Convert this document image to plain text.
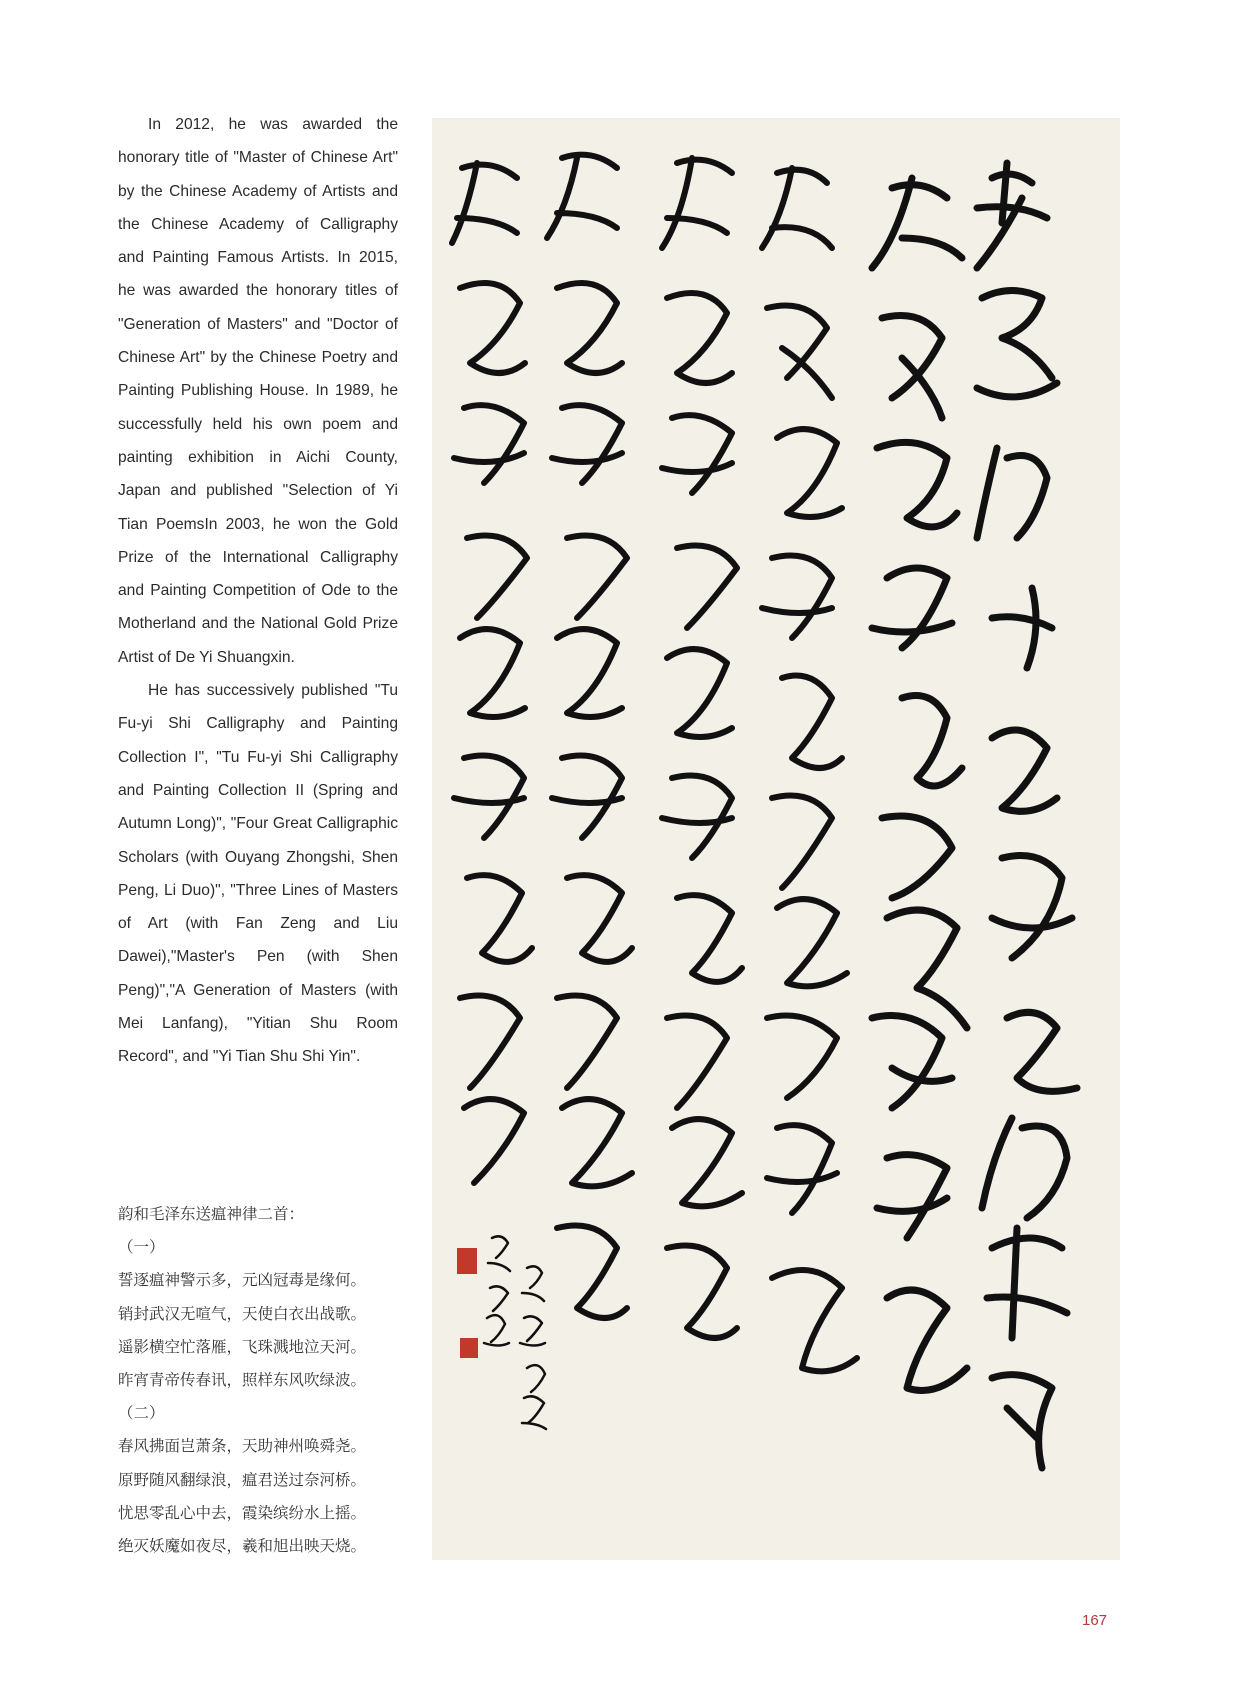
In 2012, he was awarded the honorary title of "Master of Chinese Art" by the Chinese Academy of Artists and the Chinese Academy of Calligraphy and Painting Famous Artists. In 2015, he was awarded the honorary titles of "Generation of Masters" and "Doctor of Chinese Art" by the Chinese Poetry and Painting Publishing House. In 1989, he successfully held his own poem and painting exhibition in Aichi County, Japan and published "Selection of Yi Tian PoemsIn 2003, he won the Gold Prize of the International Calligraphy and Painting Competition of Ode to the Motherland and the National Gold Prize Artist of De Yi Shuangxin.

He has successively published "Tu Fu-yi Shi Calligraphy and Painting Collection I", "Tu Fu-yi Shi Calligraphy and Painting Collection II (Spring and Autumn Long)", "Four Great Calligraphic Scholars (with Ouyang Zhongshi, Shen Peng, Li Duo)", "Three Lines of Masters of Art (with Fan Zeng and Liu Dawei),"Master's Pen (with Shen Peng)","A Generation of Masters (with Mei Lanfang), "Yitian Shu Room Record", and "Yi Tian Shu Shi Yin".

韵和毛泽东送瘟神律二首：
（一）
誓逐瘟神警示多，元凶冠毒是缘何。
销封武汉无喧气，天使白衣出战歌。
遥影横空忙落雁，飞珠溅地泣天河。
昨宵青帝传春讯，照样东风吹绿波。
（二）
春风拂面岂萧条，天助神州唤舜尧。
原野随风翻绿浪，瘟君送过奈河桥。
忧思零乱心中去，霞染缤纷水上摇。
绝灭妖魔如夜尽，羲和旭出映天烧。
167
